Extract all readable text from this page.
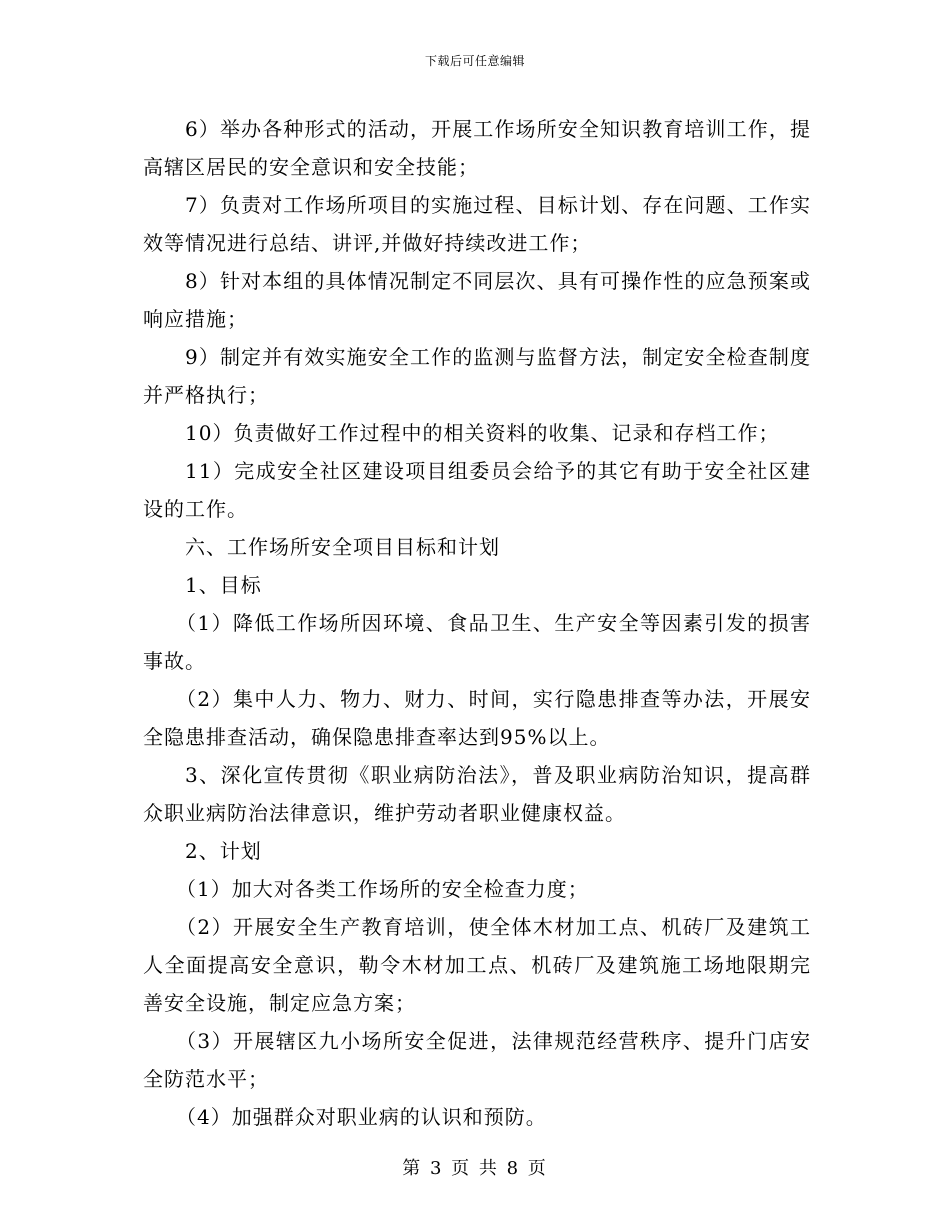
下载后可任意编辑

6）举办各种形式的活动，开展工作场所安全知识教育培训工作，提高辖区居民的安全意识和安全技能；

7）负责对工作场所项目的实施过程、目标计划、存在问题、工作实效等情况进行总结、讲评,并做好持续改进工作；

8）针对本组的具体情况制定不同层次、具有可操作性的应急预案或响应措施；

9）制定并有效实施安全工作的监测与监督方法，制定安全检查制度并严格执行；

10）负责做好工作过程中的相关资料的收集、记录和存档工作；

11）完成安全社区建设项目组委员会给予的其它有助于安全社区建设的工作。

六、工作场所安全项目目标和计划

1、目标

（1）降低工作场所因环境、食品卫生、生产安全等因素引发的损害事故。

（2）集中人力、物力、财力、时间，实行隐患排查等办法，开展安全隐患排查活动，确保隐患排查率达到95%以上。

3、深化宣传贯彻《职业病防治法》，普及职业病防治知识，提高群众职业病防治法律意识，维护劳动者职业健康权益。

2、计划

（1）加大对各类工作场所的安全检查力度；

（2）开展安全生产教育培训，使全体木材加工点、机砖厂及建筑工人全面提高安全意识，勒令木材加工点、机砖厂及建筑施工场地限期完善安全设施，制定应急方案；

（3）开展辖区九小场所安全促进，法律规范经营秩序、提升门店安全防范水平；

（4）加强群众对职业病的认识和预防。

第 3 页 共 8 页
